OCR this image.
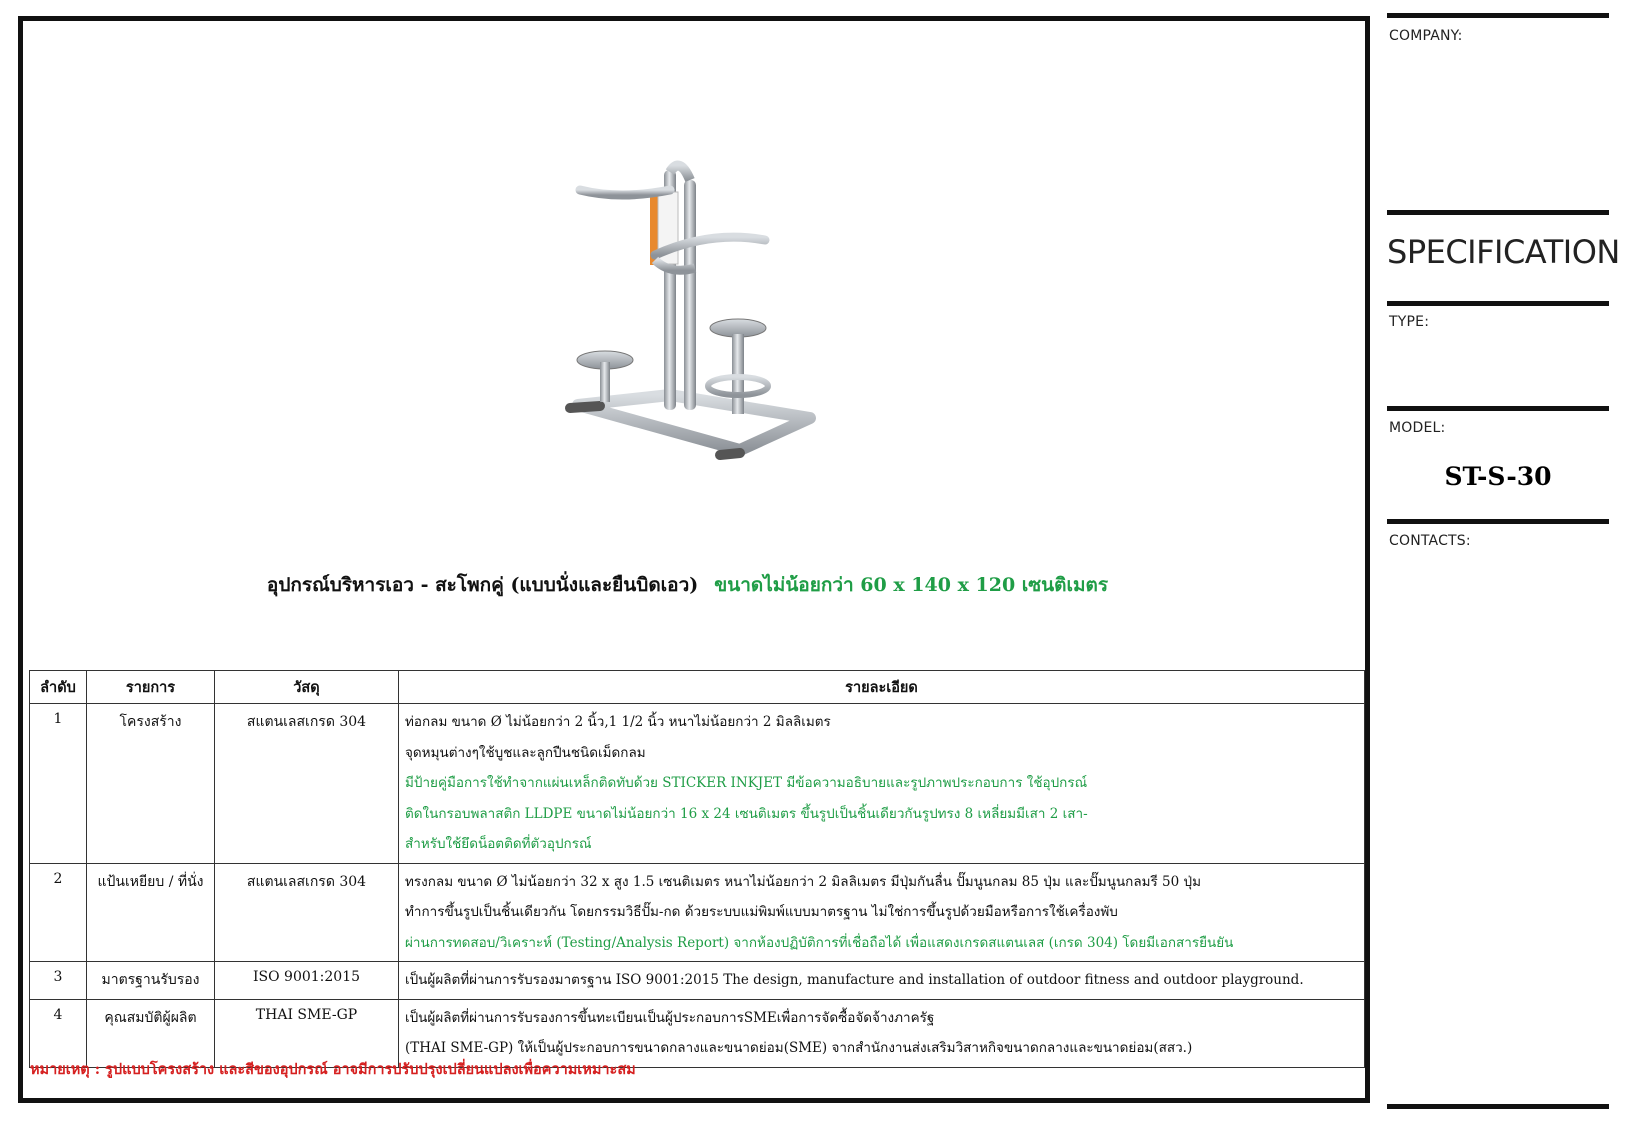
COMPANY:
SPECIFICATION
TYPE:
MODEL:
ST-S-30
CONTACTS:
อุปกรณ์บริหารเอว - สะโพกคู่ (แบบนั่งและยืนบิดเอว) ขนาดไม่น้อยกว่า 60 x 140 x 120 เซนติเมตร
ลำดับ	รายการ	วัสดุ	รายละเอียด
1	โครงสร้าง	สแตนเลสเกรด 304	ท่อกลม ขนาด Ø ไม่น้อยกว่า 2 นิ้ว,1 1/2 นิ้ว หนาไม่น้อยกว่า 2 มิลลิเมตร
จุดหมุนต่างๆใช้บูชและลูกปืนชนิดเม็ดกลม
มีป้ายคู่มือการใช้ทำจากแผ่นเหล็กติดทับด้วย STICKER INKJET มีข้อความอธิบายและรูปภาพประกอบการ ใช้อุปกรณ์
ติดในกรอบพลาสติก LLDPE ขนาดไม่น้อยกว่า 16 x 24 เซนติเมตร ขึ้นรูปเป็นชิ้นเดียวกันรูปทรง 8 เหลี่ยมมีเสา 2 เสา-
สำหรับใช้ยึดน็อตติดที่ตัวอุปกรณ์

2	แป้นเหยียบ / ที่นั่ง	สแตนเลสเกรด 304	ทรงกลม ขนาด Ø ไม่น้อยกว่า 32 x สูง 1.5 เซนติเมตร หนาไม่น้อยกว่า 2 มิลลิเมตร มีปุ่มกันลื่น ปั๊มนูนกลม 85 ปุ่ม และปั๊มนูนกลมรี 50 ปุ่ม
ทำการขึ้นรูปเป็นชิ้นเดียวกัน โดยกรรมวิธีปั๊ม-กด ด้วยระบบแม่พิมพ์แบบมาตรฐาน ไม่ใช่การขึ้นรูปด้วยมือหรือการใช้เครื่องพับ
ผ่านการทดสอบ/วิเคราะห์ (Testing/Analysis Report) จากห้องปฏิบัติการที่เชื่อถือได้ เพื่อแสดงเกรดสแตนเลส (เกรด 304) โดยมีเอกสารยืนยัน

3	มาตรฐานรับรอง	ISO 9001:2015	เป็นผู้ผลิตที่ผ่านการรับรองมาตรฐาน ISO 9001:2015 The design, manufacture and installation of outdoor fitness and outdoor playground.

4	คุณสมบัติผู้ผลิต	THAI SME-GP	เป็นผู้ผลิตที่ผ่านการรับรองการขึ้นทะเบียนเป็นผู้ประกอบการSMEเพื่อการจัดซื้อจัดจ้างภาครัฐ
(THAI SME-GP) ให้เป็นผู้ประกอบการขนาดกลางและขนาดย่อม(SME) จากสำนักงานส่งเสริมวิสาหกิจขนาดกลางและขนาดย่อม(สสว.)
หมายเหตุ : รูปแบบโครงสร้าง และสีของอุปกรณ์ อาจมีการปรับปรุงเปลี่ยนแปลงเพื่อความเหมาะสม
